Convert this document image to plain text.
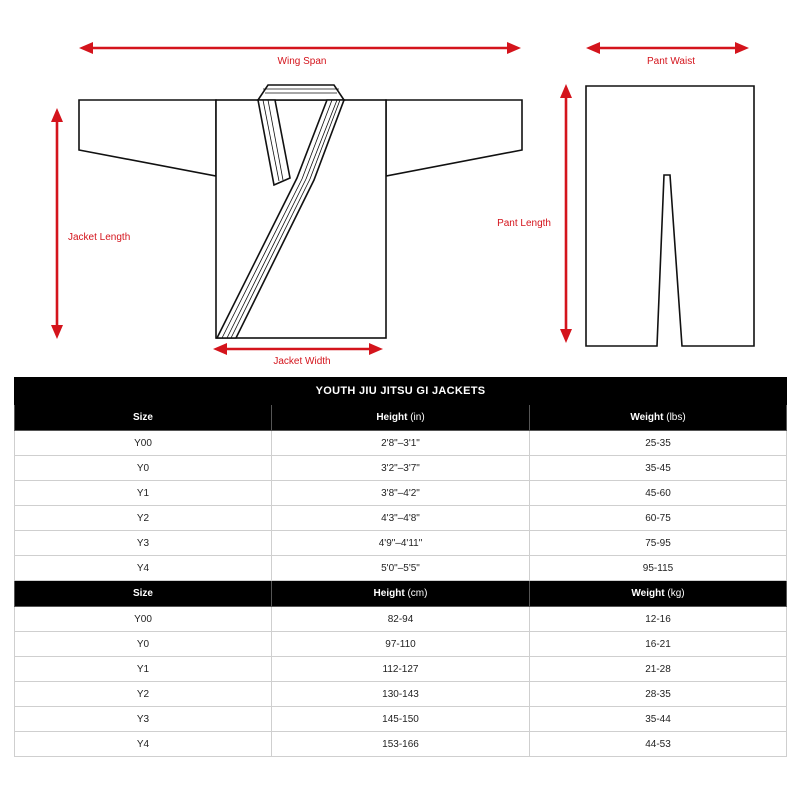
Wing Span	Pant Waist
Jacket Length
Pant Length
Jacket Width
YOUTH JIU JITSU GI JACKETS		
Size	Height (in)	Weight (lbs)
Y00	2'8"–3'1"	25-35
Y0	3'2"–3'7"	35-45
Y1	3'8"–4'2"	45-60
Y2	4'3"–4'8"	60-75
Y3	4'9"–4'11"	75-95
Y4	5'0"–5'5"	95-115
Size	Height (cm)	Weight (kg)
Y00	82-94	12-16
Y0	97-110	16-21
Y1	112-127	21-28
Y2	130-143	28-35
Y3	145-150	35-44
Y4	153-166	44-53
